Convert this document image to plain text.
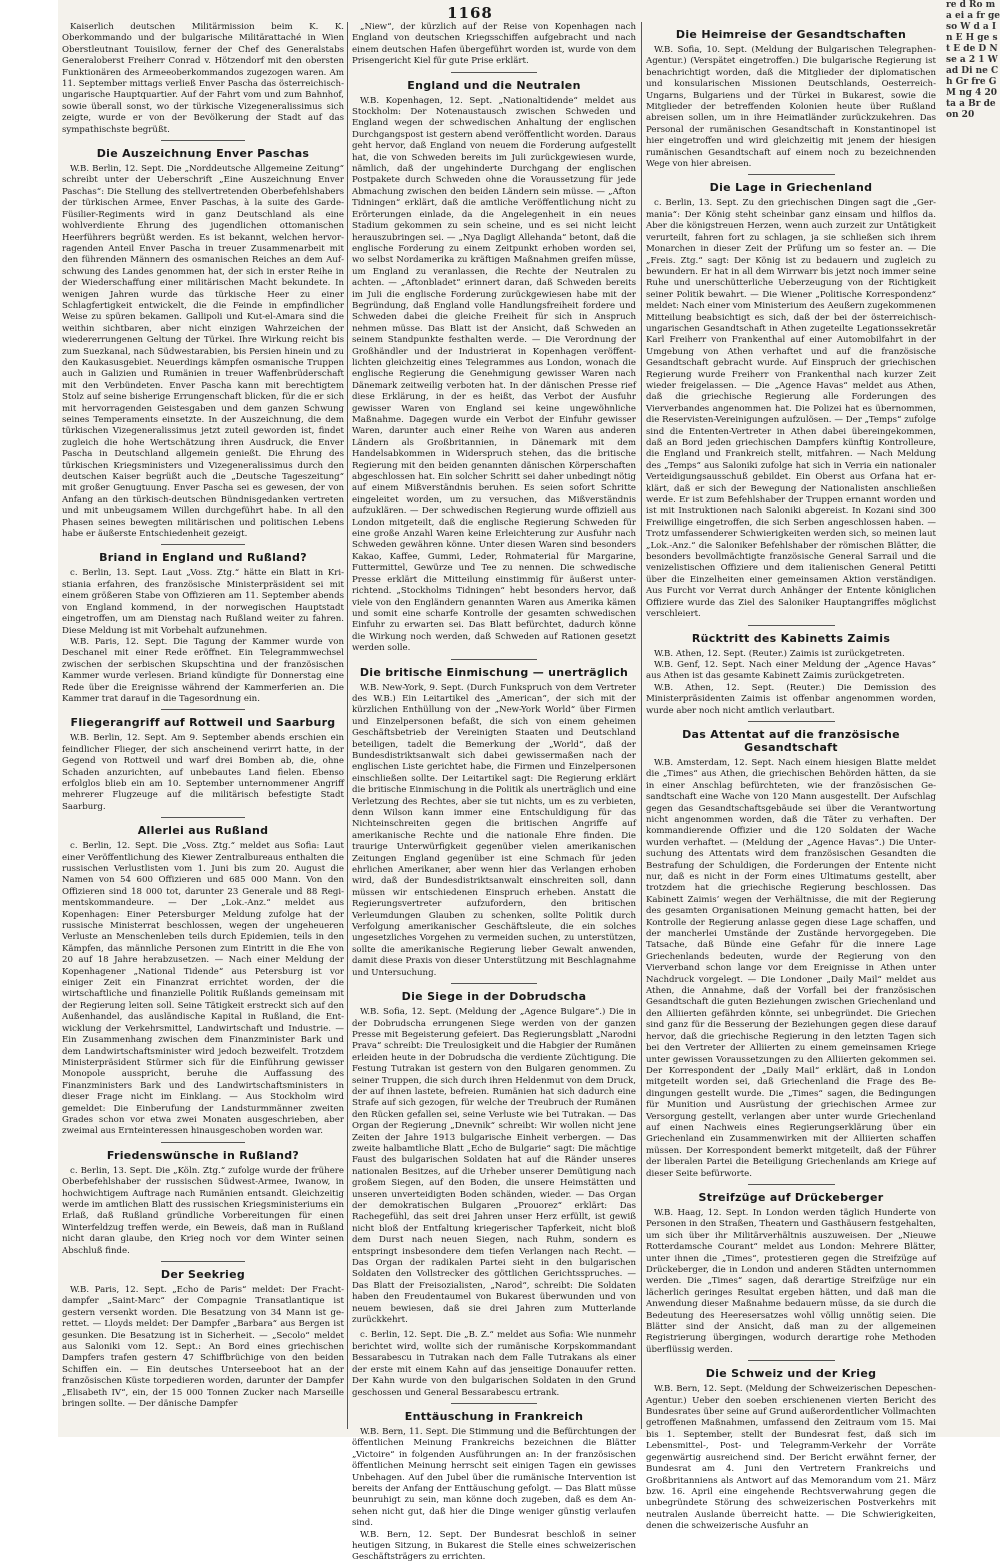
1168

Kaiserlich deutschen Militärmission beim K. K. Oberkommando und der bulgarische Militärattaché in Wien Oberstleutnant Touisilow, ferner der Chef des Generalstabs Generaloberst Freiherr Conrad v. Hötzendorf mit den obersten Funktionären des Armeeoberkommandos zugezogen waren. Am 11. September mittags verließ Enver Pascha das österreichisch-ungarische Hauptquartier. Auf der Fahrt vom und zum Bahnhof, sowie überall sonst, wo der türkische Vizegeneralissimus sich zeigte, wurde er von der Bevölkerung der Stadt auf das sympathischste begrüßt.

Die Auszeichnung Enver Paschas

W.B. Berlin, 12. Sept. Die „Norddeutsche Allgemeine Zeitung“ schreibt unter der Ueberschrift „Eine Auszeichnung Enver Paschas“: Die Stellung des stellvertretenden Oberbefehlshabers der türkischen Armee, Enver Paschas, à la suite des Garde-Füsilier-Regiments wird in ganz Deutschland als eine wohlverdiente Ehrung des jugendlichen ottomanischen Heerführers begrüßt werden. Es ist bekannt, welchen hervorragenden Anteil Enver Pascha in treuer Zusammenarbeit mit den führenden Männern des osmanischen Reiches an dem Aufschwung des Landes genommen hat, der sich in erster Reihe in der Wiederschaffung einer militärischen Macht bekundete. In wenigen Jahren wurde das türkische Heer zu einer Schlagfertigkeit entwickelt, die die Feinde in empfindlicher Weise zu spüren bekamen. Gallipoli und Kut-el-Amara sind die weithin sichtbaren, aber nicht einzigen Wahrzeichen der wiedererrungenen Geltung der Türkei. Ihre Wirkung reicht bis zum Suezkanal, nach Südwestarabien, bis Persien hinein und zu den Kaukasusgebiet. Neuerdings kämpfen osmanische Truppen auch in Galizien und Rumänien in treuer Waffenbrüderschaft mit den Verbündeten. Enver Pascha kann mit berechtigtem Stolz auf seine bisherige Errungenschaft blicken, für die er sich mit hervorragenden Geistesgaben und dem ganzen Schwung seines Temperaments einsetzte. In der Auszeichnung, die dem türkischen Vizegeneralissimus jetzt zuteil geworden ist, findet zugleich die hohe Wertschätzung ihren Ausdruck, die Enver Pascha in Deutschland allgemein genießt. Die Ehrung des türkischen Kriegsministers und Vizegeneralissimus durch den deutschen Kaiser begrüßt auch die „Deutsche Tageszeitung“ mit großer Genugtuung. Enver Pascha sei es gewesen, der von Anfang an den türkisch-deutschen Bündnisgedanken vertreten und mit unbeugsamem Willen durchgeführt habe. In all den Phasen seines bewegten militärischen und politischen Lebens habe er äußerste Entschiedenheit gezeigt.

Briand in England und Rußland?

c. Berlin, 13. Sept. Laut „Voss. Ztg.“ hätte ein Blatt in Kristiania erfahren, des französische Ministerpräsident sei mit einem größeren Stabe von Offizieren am 11. September abends von England kommend, in der norwegischen Hauptstadt eingetroffen, um am Dienstag nach Rußland weiter zu fahren. Diese Meldung ist mit Vorbehalt aufzunehmen.

W.B. Paris, 12. Sept. Die Tagung der Kammer wurde von Deschanel mit einer Rede eröffnet. Ein Telegrammwechsel zwischen der serbischen Skupschtina und der französischen Kammer wurde verlesen. Briand kündigte für Donnerstag eine Rede über die Ereignisse während der Kammerferien an. Die Kammer trat darauf in die Tagesordnung ein.

Fliegerangriff auf Rottweil und Saarburg

W.B. Berlin, 12. Sept. Am 9. September abends erschien ein feindlicher Flieger, der sich anscheinend verirrt hatte, in der Gegend von Rottweil und warf drei Bomben ab, die, ohne Schaden anzurichten, auf unbebautes Land fielen. Ebenso erfolglos blieb ein am 10. September unternommener Angriff mehrerer Flugzeuge auf die militärisch befestigte Stadt Saarburg.

Allerlei aus Rußland

c. Berlin, 12. Sept. Die „Voss. Ztg.“ meldet aus Sofia: Laut einer Veröffentlichung des Kiewer Zentralbureaus enthalten die russischen Verlustlisten vom 1. Juni bis zum 20. August die Namen von 54 600 Offizieren und 685 000 Mann. Von den Offizieren sind 18 000 tot, darunter 23 Generale und 88 Regimentskommandeure. — Der „Lok.-Anz.“ meldet aus Kopenhagen: Einer Petersburger Meldung zufolge hat der russische Ministerrat beschlossen, wegen der ungeheueren Verluste an Menschenleben teils durch Epidemien, teils in den Kämpfen, das männliche Personen zum Eintritt in die Ehe von 20 auf 18 Jahre herabzusetzen. — Nach einer Meldung der Kopenhagener „National Tidende“ aus Petersburg ist vor einiger Zeit ein Finanzrat errichtet worden, der die wirtschaftliche und finanzielle Politik Rußlands gemeinsam mit der Regierung leiten soll. Seine Tätigkeit erstreckt sich auf den Außenhandel, das ausländische Kapital in Rußland, die Entwicklung der Verkehrsmittel, Landwirtschaft und Industrie. — Ein Zusammenhang zwischen dem Finanzminister Bark und dem Landwirtschaftsminister wird jedoch bezweifelt. Trotzdem Ministerpräsident Stürmer sich für die Einführung gewisser Monopole ausspricht, beruhe die Auffassung des Finanzministers Bark und des Landwirtschaftsministers in dieser Frage nicht im Einklang. — Aus Stockholm wird gemeldet: Die Einberufung der Landsturmmänner zweiten Grades schon vor etwa zwei Monaten ausgeschrieben, aber zweimal aus Ernteinteressen hinausgeschoben worden war.

Friedenswünsche in Rußland?

c. Berlin, 13. Sept. Die „Köln. Ztg.“ zufolge wurde der frühere Oberbefehlshaber der russischen Südwest-Armee, Iwanow, in hochwichtigem Auftrage nach Rumänien entsandt. Gleichzeitig werde im amtlichen Blatt des russischen Kriegsministeriums ein Erlaß, daß Rußland gründliche Vorbereitungen für einen Winterfeldzug treffen werde, ein Beweis, daß man in Rußland nicht daran glaube, den Krieg noch vor dem Winter seinen Abschluß finde.

Der Seekrieg

W.B. Paris, 12. Sept. „Echo de Paris“ meldet: Der Frachtdampfer „Saint-Marc“ der Compagnie Transatlantique ist gestern versenkt worden. Die Besatzung von 34 Mann ist gerettet. — Lloyds meldet: Der Dampfer „Barbara“ aus Bergen ist gesunken. Die Besatzung ist in Sicherheit. — „Secolo“ meldet aus Saloniki vom 12. Sept.: An Bord eines griechischen Dampfers trafen gestern 47 Schiffbrüchige von den beiden Schiffen ein. — Ein deutsches Unterseeboot hat an der französischen Küste torpedieren worden, darunter der Dampfer „Elisabeth IV“, ein, der 15 000 Tonnen Zucker nach Marseille bringen sollte. — Der dänische Dampfer

„Niew“, der kürzlich auf der Reise von Kopenhagen nach England von deutschen Kriegsschiffen aufgebracht und nach einem deutschen Hafen übergeführt worden ist, wurde von dem Prisengericht Kiel für gute Prise erklärt.

England und die Neutralen

W.B. Kopenhagen, 12. Sept. „Nationaltidende“ meldet aus Stockholm: Der Notenaustausch zwischen Schweden und England wegen der schwedischen Anhaltung der englischen Durchgangspost ist gestern abend veröffentlicht worden. Daraus geht hervor, daß England von neuem die Forderung aufgestellt hat, die von Schweden bereits im Juli zurückgewiesen wurde, nämlich, daß der ungehinderte Durchgang der englischen Postpakete durch Schweden ohne die Voraussetzung für jede Abmachung zwischen den beiden Ländern sein müsse. — „Afton Tidningen“ erklärt, daß die amtliche Veröffentlichung nicht zu Erörterungen einlade, da die Angelegenheit in ein neues Stadium gekommen zu sein scheine, und es sei nicht leicht herauszubringen sei. — „Nya Dagligt Allehanda“ betont, daß die englische Forderung zu einem Zeitpunkt erhoben worden sei, wo selbst Nordamerika zu kräftigen Maßnahmen greifen müsse, um England zu veranlassen, die Rechte der Neutralen zu achten. — „Aftonbladet“ erinnert daran, daß Schweden bereits im Juli die englische Forderung zurückgewiesen habe mit der Begründung, daß England volle Handlungsfreiheit fordere und Schweden dabei die gleiche Freiheit für sich in Anspruch nehmen müsse. Das Blatt ist der Ansicht, daß Schweden an seinem Standpunkte festhalten werde. — Die Verordnung der Großhändler und der Industrierat in Kopenhagen veröffentlichten gleichzeitig eines Telegrammes aus London, wonach die englische Regierung die Genehmigung gewisser Waren nach Dänemark zeitweilig verboten hat. In der dänischen Presse rief diese Erklärung, in der es heißt, das Verbot der Ausfuhr gewisser Waren von England sei keine ungewöhnliche Maßnahme. Dagegen wurde ein Verbot der Einfuhr gewisser Waren, darunter auch einer Reihe von Waren aus anderen Ländern als Großbritannien, in Dänemark mit dem Handelsabkommen in Widerspruch stehen, das die britische Regierung mit den beiden genannten dänischen Körperschaften abgeschlossen hat. Ein solcher Schritt sei daher unbedingt nötig auf einem Mißverständnis beruhen. Es seien sofort Schritte eingeleitet worden, um zu versuchen, das Mißverständnis aufzuklären. — Der schwedischen Regierung wurde offiziell aus London mitgeteilt, daß die englische Regierung Schweden für eine große Anzahl Waren keine Erleichterung zur Ausfuhr nach Schweden gewähren könne. Unter diesen Waren sind besonders Kakao, Kaffee, Gummi, Leder, Rohmaterial für Margarine, Futtermittel, Gewürze und Tee zu nennen. Die schwedische Presse erklärt die Mitteilung einstimmig für äußerst unterrichtend. „Stockholms Tidningen“ hebt besonders hervor, daß viele von den Engländern genannten Waren aus Amerika kämen und somit eine scharfe Kontrolle der gesamten schwedischen Einfuhr zu erwarten sei. Das Blatt befürchtet, dadurch könne die Wirkung noch werden, daß Schweden auf Rationen gesetzt werden solle.

Die britische Einmischung — unerträglich

W.B. New-York, 9. Sept. (Durch Funkspruch von dem Vertreter des W.B.) Ein Leitartikel des „American“, der sich mit der kürzlichen Enthüllung von der „New-York World“ über Firmen und Einzelpersonen befaßt, die sich von einem geheimen Geschäftsbetrieb der Vereinigten Staaten und Deutschland beteiligen, tadelt die Bemerkung der „World“, daß der Bundesdistriktsanwalt sich dabei gewissermaßen nach der englischen Liste gerichtet habe, die Firmen und Einzelpersonen einschließen sollte. Der Leitartikel sagt: Die Regierung erklärt die britische Einmischung in die Politik als unerträglich und eine Verletzung des Rechtes, aber sie tut nichts, um es zu verbieten, denn Wilson kann immer eine Entschuldigung für das Nichteinschreiten gegen die britischen Angriffe auf amerikanische Rechte und die nationale Ehre finden. Die traurige Unterwürfigkeit gegenüber vielen amerikanischen Zeitungen England gegenüber ist eine Schmach für jeden ehrlichen Amerikaner, aber wenn hier das Verlangen erhoben wird, daß der Bundesdistriktsanwalt einschreiten soll, dann müssen wir entschiedenen Einspruch erheben. Anstatt die Regierungsvertreter aufzufordern, den britischen Verleumdungen Glauben zu schenken, sollte Politik durch Verfolgung amerikanischer Geschäftsleute, die ein solches ungesetzliches Vorgehen zu vermeiden suchen, zu unterstützen, sollte die amerikanische Regierung lieber Gewalt anwenden, damit diese Praxis von dieser Unterstützung mit Beschlagnahme und Untersuchung.

Die Siege in der Dobrudscha

W.B. Sofia, 12. Sept. (Meldung der „Agence Bulgare“.) Die in der Dobrudscha errungenen Siege werden von der ganzen Presse mit Begeisterung gefeiert. Das Regierungsblatt „Narodni Prava“ schreibt: Die Treulosigkeit und die Habgier der Rumänen erleiden heute in der Dobrudscha die verdiente Züchtigung. Die Festung Tutrakan ist gestern von den Bulgaren genommen. Zu seiner Truppen, die sich durch ihren Heldenmut von dem Druck, der auf ihnen lastete, befreien. Rumänien hat sich dadurch eine Strafe auf sich gezogen, für welche der Treubruch der Rumänen den Rücken gefallen sei, seine Verluste wie bei Tutrakan. — Das Organ der Regierung „Dnevnik“ schreibt: Wir wollen nicht jene Zeiten der Jahre 1913 bulgarische Einheit verbergen. — Das zweite halbamtliche Blatt „Echo de Bulgarie“ sagt: Die mächtige Faust des bulgarischen Soldaten hat auf die Ränder unseres nationalen Besitzes, auf die Urheber unserer Demütigung nach großem Siegen, auf den Boden, die unsere Heimstätten und unseren unverteidigten Boden schänden, wieder. — Das Organ der demokratischen Bulgaren „Prouorez“ erklärt: Das Rachegefühl, das seit drei Jahren unser Herz erfüllt, ist gewiß nicht bloß der Entfaltung kriegerischer Tapferkeit, nicht bloß dem Durst nach neuen Siegen, nach Ruhm, sondern es entspringt insbesondere dem tiefen Verlangen nach Recht. — Das Organ der radikalen Partei sieht in den bulgarischen Soldaten den Vollstrecker des göttlichen Gerichtsspruches. — Das Blatt der Freisozialisten, „Narod“, schreibt: Die Soldaten haben den Freudentaumel von Bukarest überwunden und von neuem bewiesen, daß sie drei Jahren zum Mutterlande zurückkehrt.

c. Berlin, 12. Sept. Die „B. Z.“ meldet aus Sofia: Wie nunmehr berichtet wird, wollte sich der rumänische Korpskommandant Bessarabescu in Tutrakan nach dem Falle Tutrakans als einer der erste mit einem Kahn auf das jenseitige Donauufer retten. Der Kahn wurde von den bulgarischen Soldaten in den Grund geschossen und General Bessarabescu ertrank.

Enttäuschung in Frankreich

W.B. Bern, 11. Sept. Die Stimmung und die Befürchtungen der öffentlichen Meinung Frankreichs bezeichnen die Blätter „Victoire“ in folgenden Ausführungen an: In der französischen öffentlichen Meinung herrscht seit einigen Tagen ein gewisses Unbehagen. Auf den Jubel über die rumänische Intervention ist bereits der Anfang der Enttäuschung gefolgt. — Das Blatt müsse beunruhigt zu sein, man könne doch zugeben, daß es dem Ansehen nicht gut, daß hier die Dinge weniger günstig verlaufen sind.

W.B. Bern, 12. Sept. Der Bundesrat beschloß in seiner heutigen Sitzung, in Bukarest die Stelle eines schweizerischen Geschäftsträgers zu errichten.

Die Heimreise der Gesandtschaften

W.B. Sofia, 10. Sept. (Meldung der Bulgarischen Telegraphen-Agentur.) (Verspätet eingetroffen.) Die bulgarische Regierung ist benachrichtigt worden, daß die Mitglieder der diplomatischen und konsularischen Missionen Deutschlands, Oesterreich-Ungarns, Bulgariens und der Türkei in Bukarest, sowie die Mitglieder der betreffenden Kolonien heute über Rußland abreisen sollen, um in ihre Heimatländer zurückzukehren. Das Personal der rumänischen Gesandtschaft in Konstantinopel ist hier eingetroffen und wird gleichzeitig mit jenem der hiesigen rumänischen Gesandtschaft auf einem noch zu bezeichnenden Wege von hier abreisen.

Die Lage in Griechenland

c. Berlin, 13. Sept. Zu den griechischen Dingen sagt die „Germania“: Der König steht scheinbar ganz einsam und hilflos da. Aber die königstreuen Herzen, wenn auch zurzeit zur Untätigkeit verurteilt, fahren fort zu schlagen, ja sie schließen sich ihrem Monarchen in dieser Zeit der Prüfung um so fester an. — Die „Freis. Ztg.“ sagt: Der König ist zu bedauern und zugleich zu bewundern. Er hat in all dem Wirrwarr bis jetzt noch immer seine Ruhe und unerschütterliche Ueberzeugung von der Richtigkeit seiner Politik bewahrt. — Die Wiener „Politische Korrespondenz“ meldet: Nach einer vom Ministerium des Aeußern zugekommenen Mitteilung beabsichtigt es sich, daß der bei der österreichisch-ungarischen Gesandtschaft in Athen zugeteilte Legationssekretär Karl Freiherr von Frankenthal auf einer Automobilfahrt in der Umgebung von Athen verhaftet und auf die französische Gesandtschaft gebracht wurde. Auf Einspruch der griechischen Regierung wurde Freiherr von Frankenthal nach kurzer Zeit wieder freigelassen. — Die „Agence Havas“ meldet aus Athen, daß die griechische Regierung alle Forderungen des Vierverbandes angenommen hat. Die Polizei hat es übernommen, die Reservisten-Vereinigungen aufzulösen. — Der „Temps“ zufolge sind die Ententen-Vertreter in Athen dabei übereingekommen, daß an Bord jeden griechischen Dampfers künftig Kontrolleure, die England und Frankreich stellt, mitfahren. — Nach Meldung des „Temps“ aus Saloniki zufolge hat sich in Verria ein nationaler Verteidigungsausschuß gebildet. Ein Oberst aus Orfana hat erklärt, daß er sich der Bewegung der Nationalisten anschließen werde. Er ist zum Befehlshaber der Truppen ernannt worden und ist mit Instruktionen nach Saloniki abgereist. In Kozani sind 300 Freiwillige eingetroffen, die sich Serben angeschlossen haben. — Trotz umfassenderer Schwierigkeiten werden sich, so meinen laut „Lok.-Anz.“ die Saloniker Befehlshaber der römischen Blätter, die besonders bevollmächtigte französische General Sarrail und die venizelistischen Offiziere und dem italienischen General Petitti über die Einzelheiten einer gemeinsamen Aktion verständigen. Aus Furcht vor Verrat durch Anhänger der Entente königlichen Offiziere wurde das Ziel des Saloniker Hauptangriffes möglichst verschleiert.

Rücktritt des Kabinetts Zaimis

W.B. Athen, 12. Sept. (Reuter.) Zaimis ist zurückgetreten.

W.B. Genf, 12. Sept. Nach einer Meldung der „Agence Havas“ aus Athen ist das gesamte Kabinett Zaimis zurückgetreten.

W.B. Athen, 12. Sept. (Reuter.) Die Demission des Ministerpräsidenten Zaimis ist offenbar angenommen worden, wurde aber noch nicht amtlich verlautbart.

Das Attentat auf die französische Gesandtschaft

W.B. Amsterdam, 12. Sept. Nach einem hiesigen Blatte meldet die „Times“ aus Athen, die griechischen Behörden hätten, da sie in einer Anschlag befürchteten, wie der französischen Gesandtschaft eine Wache von 120 Mann ausgestellt. Der Aufschlag gegen das Gesandtschaftsgebäude sei über die Verantwortung nicht angenommen worden, daß die Täter zu verhaften. Der kommandierende Offizier und die 120 Soldaten der Wache wurden verhaftet. — (Meldung der „Agence Havas“.) Die Untersuchung des Attentats wird dem französischen Gesandten die Bestrafung der Schuldigen, die Forderungen der Entente nicht nur, daß es nicht in der Form eines Ultimatums gestellt, aber trotzdem hat die griechische Regierung beschlossen. Das Kabinett Zaimis’ wegen der Verhältnisse, die mit der Regierung des gesamten Organisationen Meinung gemacht hatten, bei der Kontrolle der Regierung anlasse gegen diese Lage schaffen, und der mancherlei Umstände der Zustände hervorgegeben. Die Tatsache, daß Bünde eine Gefahr für die innere Lage Griechenlands bedeuten, wurde der Regierung von den Vierverband schon lange vor dem Ereignisse in Athen unter Nachdruck vorgelegt. — Die Londoner „Daily Mail“ meldet aus Athen, die Annahme, daß der Vorfall bei der französischen Gesandtschaft die guten Beziehungen zwischen Griechenland und den Alliierten gefährden könnte, sei unbegründet. Die Griechen sind ganz für die Besserung der Beziehungen gegen diese darauf hervor, daß die griechische Regierung in den letzten Tagen sich bei den Vertreter der Alliierten zu einem gemeinsamen Kriege unter gewissen Voraussetzungen zu den Alliierten gekommen sei. Der Korrespondent der „Daily Mail“ erklärt, daß in London mitgeteilt worden sei, daß Griechenland die Frage des Bedingungen gestellt wurde. Die „Times“ sagen, die Bedingungen für Munition und Ausrüstung der griechischen Armee zur Versorgung gestellt, verlangen aber unter wurde Griechenland auf einen Nachweis eines Regierungserklärung über ein Griechenland ein Zusammenwirken mit der Alliierten schaffen müssen. Der Korrespondent bemerkt mitgeteilt, daß der Führer der liberalen Partei die Beteiligung Griechenlands am Kriege auf dieser Seite befürworte.

Streifzüge auf Drückeberger

W.B. Haag, 12. Sept. In London werden täglich Hunderte von Personen in den Straßen, Theatern und Gasthäusern festgehalten, um sich über ihr Militärverhältnis auszuweisen. Der „Nieuwe Rotterdamsche Courant“ meldet aus London: Mehrere Blätter, unter ihnen die „Times“, protestieren gegen die Streifzüge auf Drückeberger, die in London und anderen Städten unternommen werden. Die „Times“ sagen, daß derartige Streifzüge nur ein lächerlich geringes Resultat ergeben hätten, und daß man die Anwendung dieser Maßnahme bedauern müsse, da sie durch die Bedeutung des Heeresersatzes wohl völlig unnötig seien. Die Blätter sind der Ansicht, daß man zu der allgemeinen Registrierung übergingen, wodurch derartige rohe Methoden überflüssig werden.

Die Schweiz und der Krieg

W.B. Bern, 12. Sept. (Meldung der Schweizerischen Depeschen-Agentur.) Ueber den soeben erschienenen vierten Bericht des Bundesrates über seine auf Grund außerordentlicher Vollmachten getroffenen Maßnahmen, umfassend den Zeitraum vom 15. Mai bis 1. September, stellt der Bundesrat fest, daß sich im Lebensmittel-, Post- und Telegramm-Verkehr der Vorräte gegenwärtig ausreichend sind. Der Bericht erwähnt ferner, der Bundesrat am 4. Juni den Vertretern Frankreichs und Großbritanniens als Antwort auf das Memorandum vom 21. März bzw. 16. April eine eingehende Rechtsverwahrung gegen die unbegründete Störung des schweizerischen Postverkehrs mit neutralen Auslande überreicht hatte. — Die Schwierigkeiten, denen die schweizerische Ausfuhr an

re d Ro ma ei a fr ge so W d a In E H ge st E de D N se a 2 1 W ad Di ne Ch Gr fre G M ng 4 20 ta a Br de on 20
